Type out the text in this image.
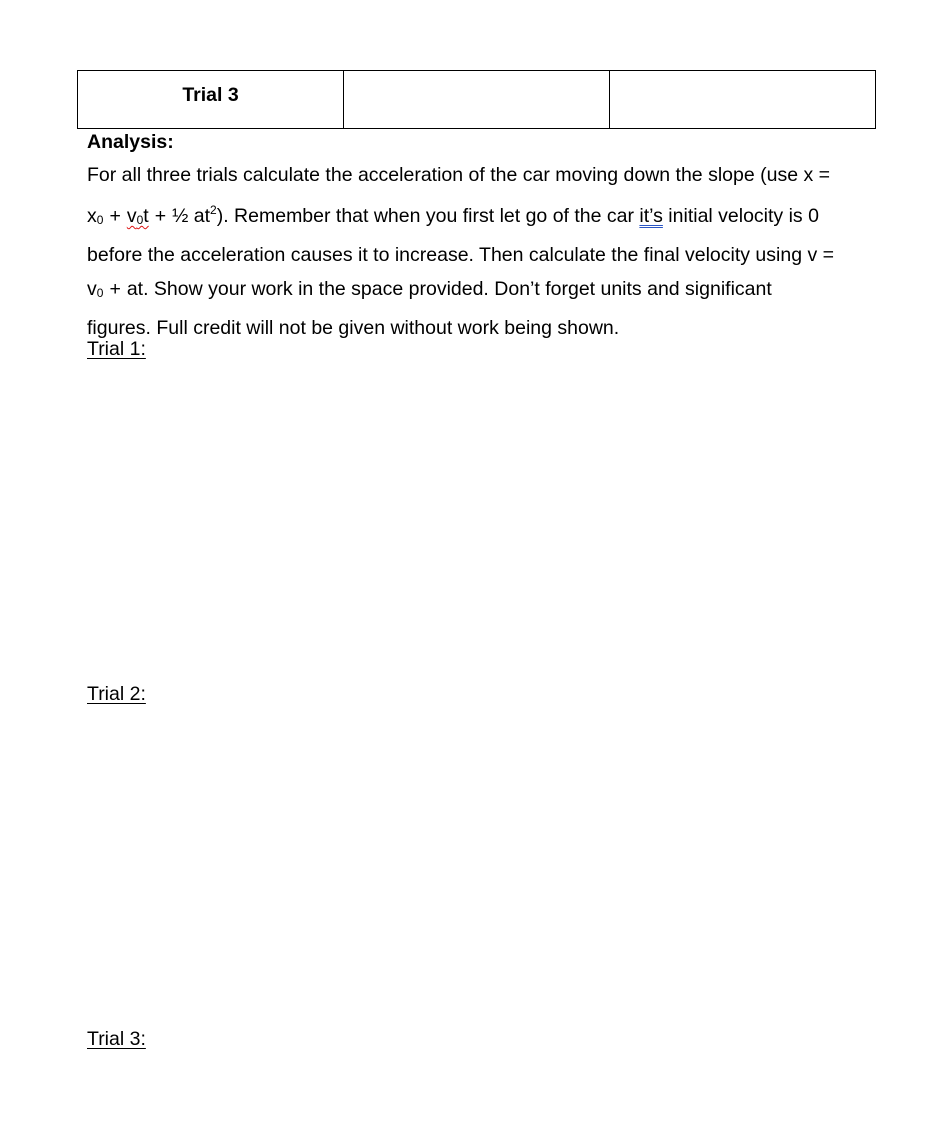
Trial 3		
Analysis:

For all three trials calculate the acceleration of the car moving down the slope (use x =
x0 + v0t + ½ $at^2$). Remember that when you first let go of the car it’s initial velocity is 0
before the acceleration causes it to increase. Then calculate the final velocity using v =
v0 + at. Show your work in the space provided. Don’t forget units and significant
figures. Full credit will not be given without work being shown.

Trial 1:
Trial 2:
Trial 3:
